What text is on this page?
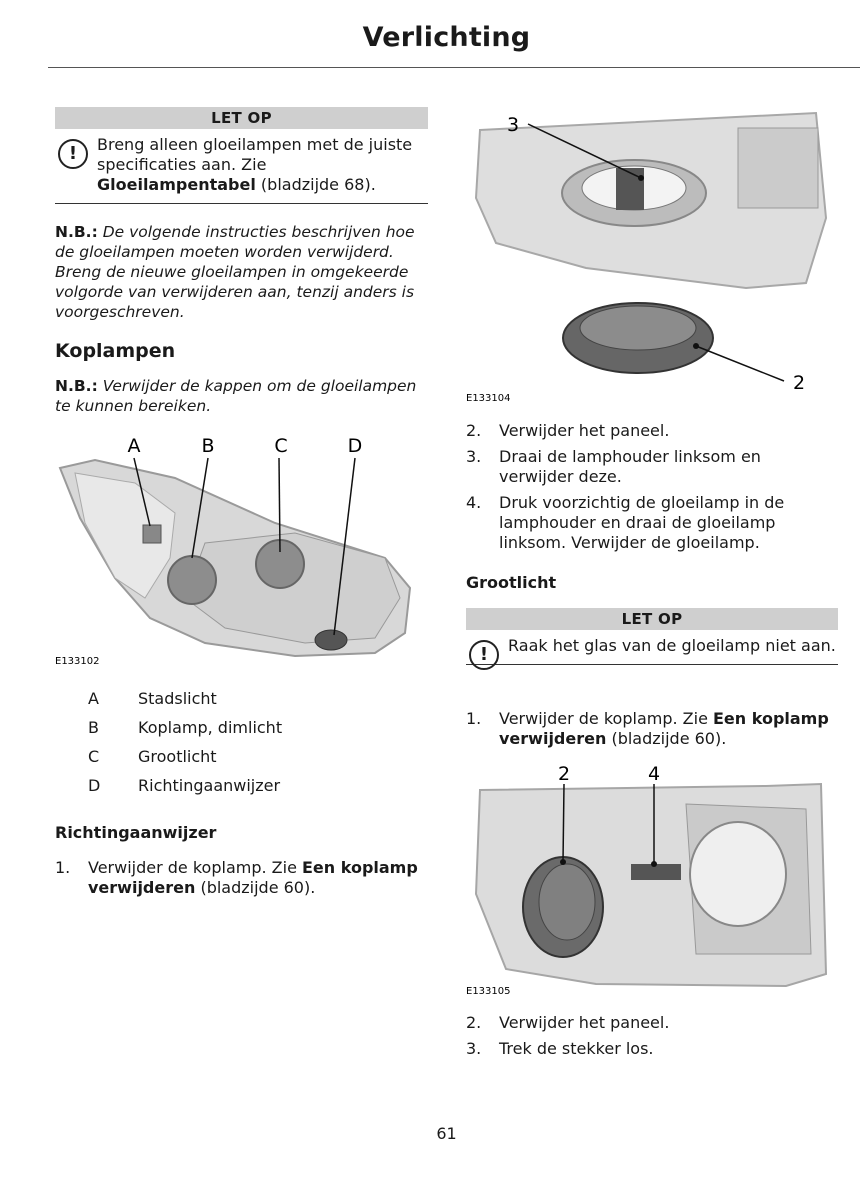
Verlichting
LET OP
!	Breng alleen gloeilampen met de juiste specificaties aan. Zie Gloeilampentabel (bladzijde 68).
N.B.: De volgende instructies beschrijven hoe de gloeilampen moeten worden verwijderd. Breng de nieuwe gloeilampen in omgekeerde volgorde van verwijderen aan, tenzij anders is voorgeschreven.
Koplampen
N.B.: Verwijder de kappen om de gloeilampen te kunnen bereiken.
A	B	C	D
E133102
A Stadslicht
B Koplamp, dimlicht
C Grootlicht
D Richtingaanwijzer
Richtingaanwijzer
1. Verwijder de koplamp. Zie Een koplamp verwijderen (bladzijde 60).
3
2
E133104
2. Verwijder het paneel.
3. Draai de lamphouder linksom en verwijder deze.
4. Druk voorzichtig de gloeilamp in de lamphouder en draai de gloeilamp linksom. Verwijder de gloeilamp.
Grootlicht
LET OP
!	Raak het glas van de gloeilamp niet aan.
1. Verwijder de koplamp. Zie Een koplamp verwijderen (bladzijde 60).
2	4
E133105
2. Verwijder het paneel.
3. Trek de stekker los.
61
